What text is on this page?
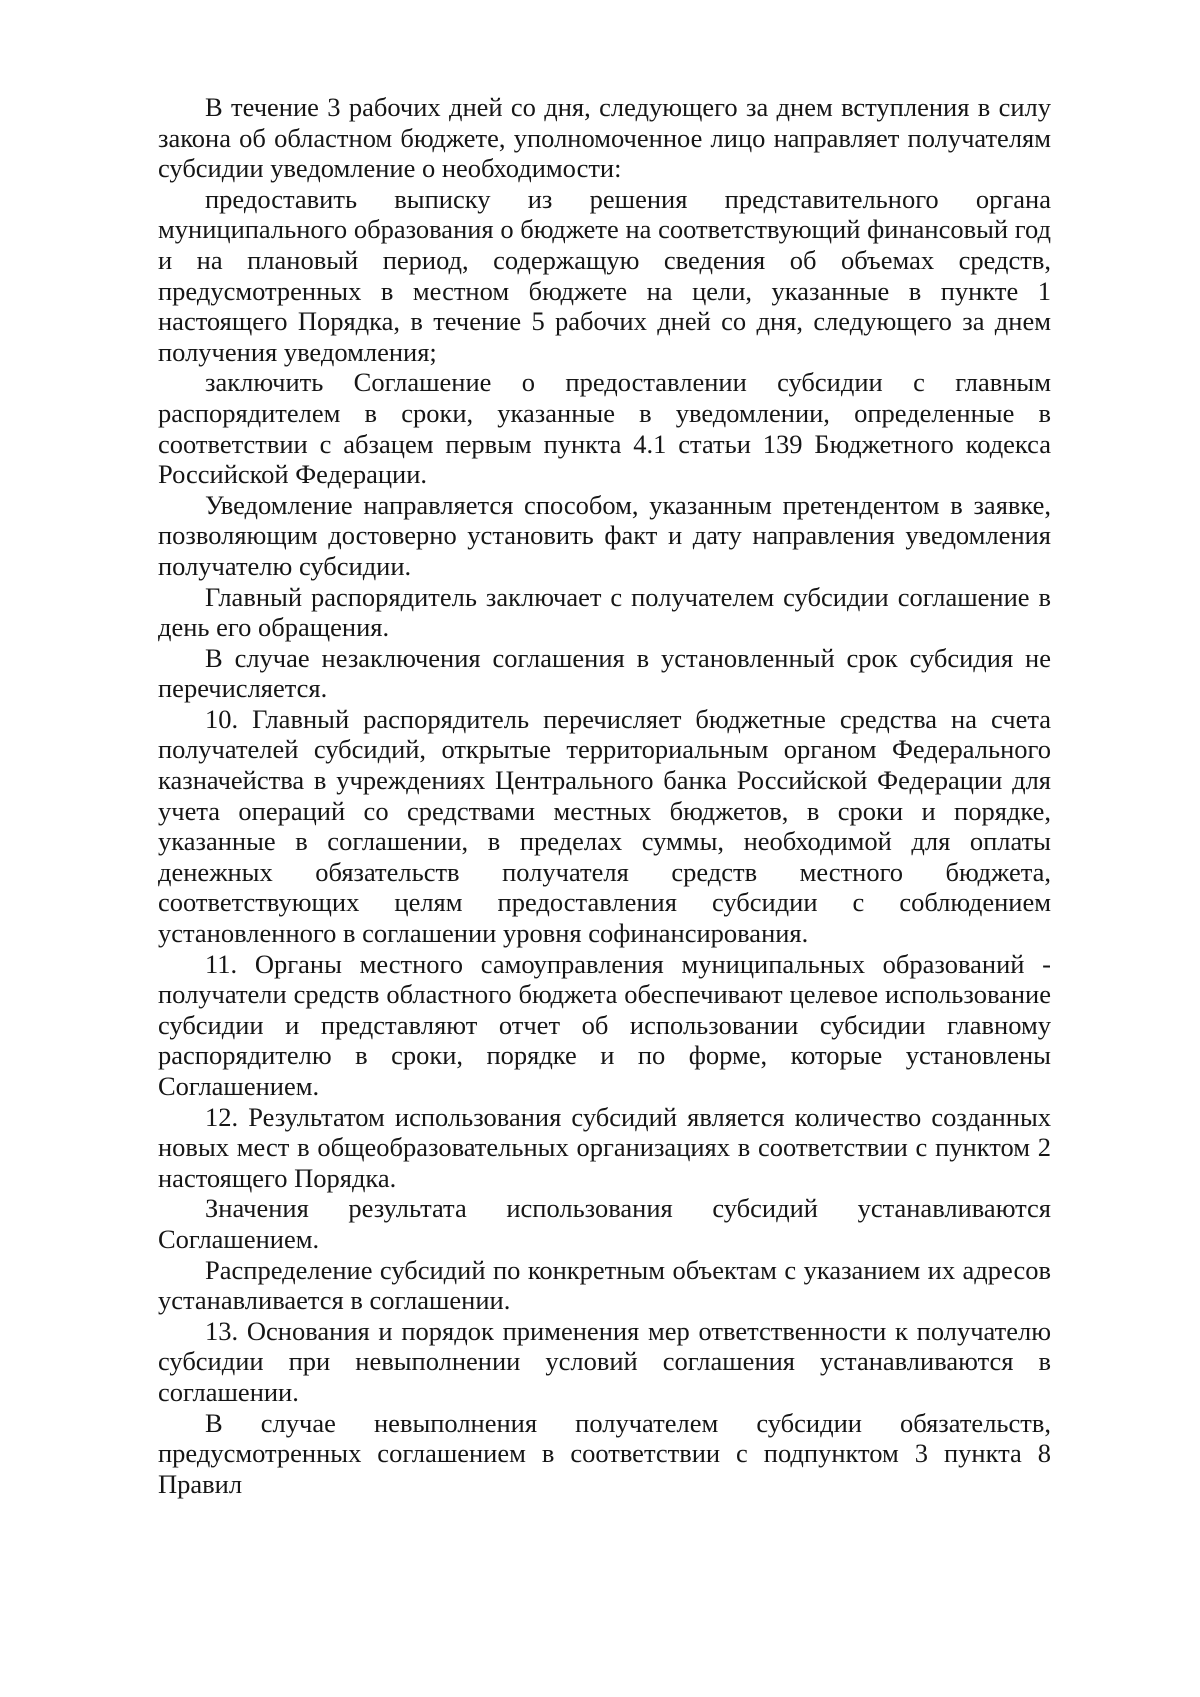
В течение 3 рабочих дней со дня, следующего за днем вступления в силу закона об областном бюджете, уполномоченное лицо направляет получателям субсидии уведомление о необходимости:

предоставить выписку из решения представительного органа муниципального образования о бюджете на соответствующий финансовый год и на плановый период, содержащую сведения об объемах средств, предусмотренных в местном бюджете на цели, указанные в пункте 1 настоящего Порядка, в течение 5 рабочих дней со дня, следующего за днем получения уведомления;

заключить Соглашение о предоставлении субсидии с главным распорядителем в сроки, указанные в уведомлении, определенные в соответствии с абзацем первым пункта 4.1 статьи 139 Бюджетного кодекса Российской Федерации.

Уведомление направляется способом, указанным претендентом в заявке, позволяющим достоверно установить факт и дату направления уведомления получателю субсидии.

Главный распорядитель заключает с получателем субсидии соглашение в день его обращения.

В случае незаключения соглашения в установленный срок субсидия не перечисляется.

10. Главный распорядитель перечисляет бюджетные средства на счета получателей субсидий, открытые территориальным органом Федерального казначейства в учреждениях Центрального банка Российской Федерации для учета операций со средствами местных бюджетов, в сроки и порядке, указанные в соглашении, в пределах суммы, необходимой для оплаты денежных обязательств получателя средств местного бюджета, соответствующих целям предоставления субсидии с соблюдением установленного в соглашении уровня софинансирования.

11. Органы местного самоуправления муниципальных образований - получатели средств областного бюджета обеспечивают целевое использование субсидии и представляют отчет об использовании субсидии главному распорядителю в сроки, порядке и по форме, которые установлены Соглашением.

12. Результатом использования субсидий является количество созданных новых мест в общеобразовательных организациях в соответствии с пунктом 2 настоящего Порядка.

Значения результата использования субсидий устанавливаются Соглашением.

Распределение субсидий по конкретным объектам с указанием их адресов устанавливается в соглашении.

13. Основания и порядок применения мер ответственности к получателю субсидии при невыполнении условий соглашения устанавливаются в соглашении.

В случае невыполнения получателем субсидии обязательств, предусмотренных соглашением в соответствии с подпунктом 3 пункта 8 Правил
